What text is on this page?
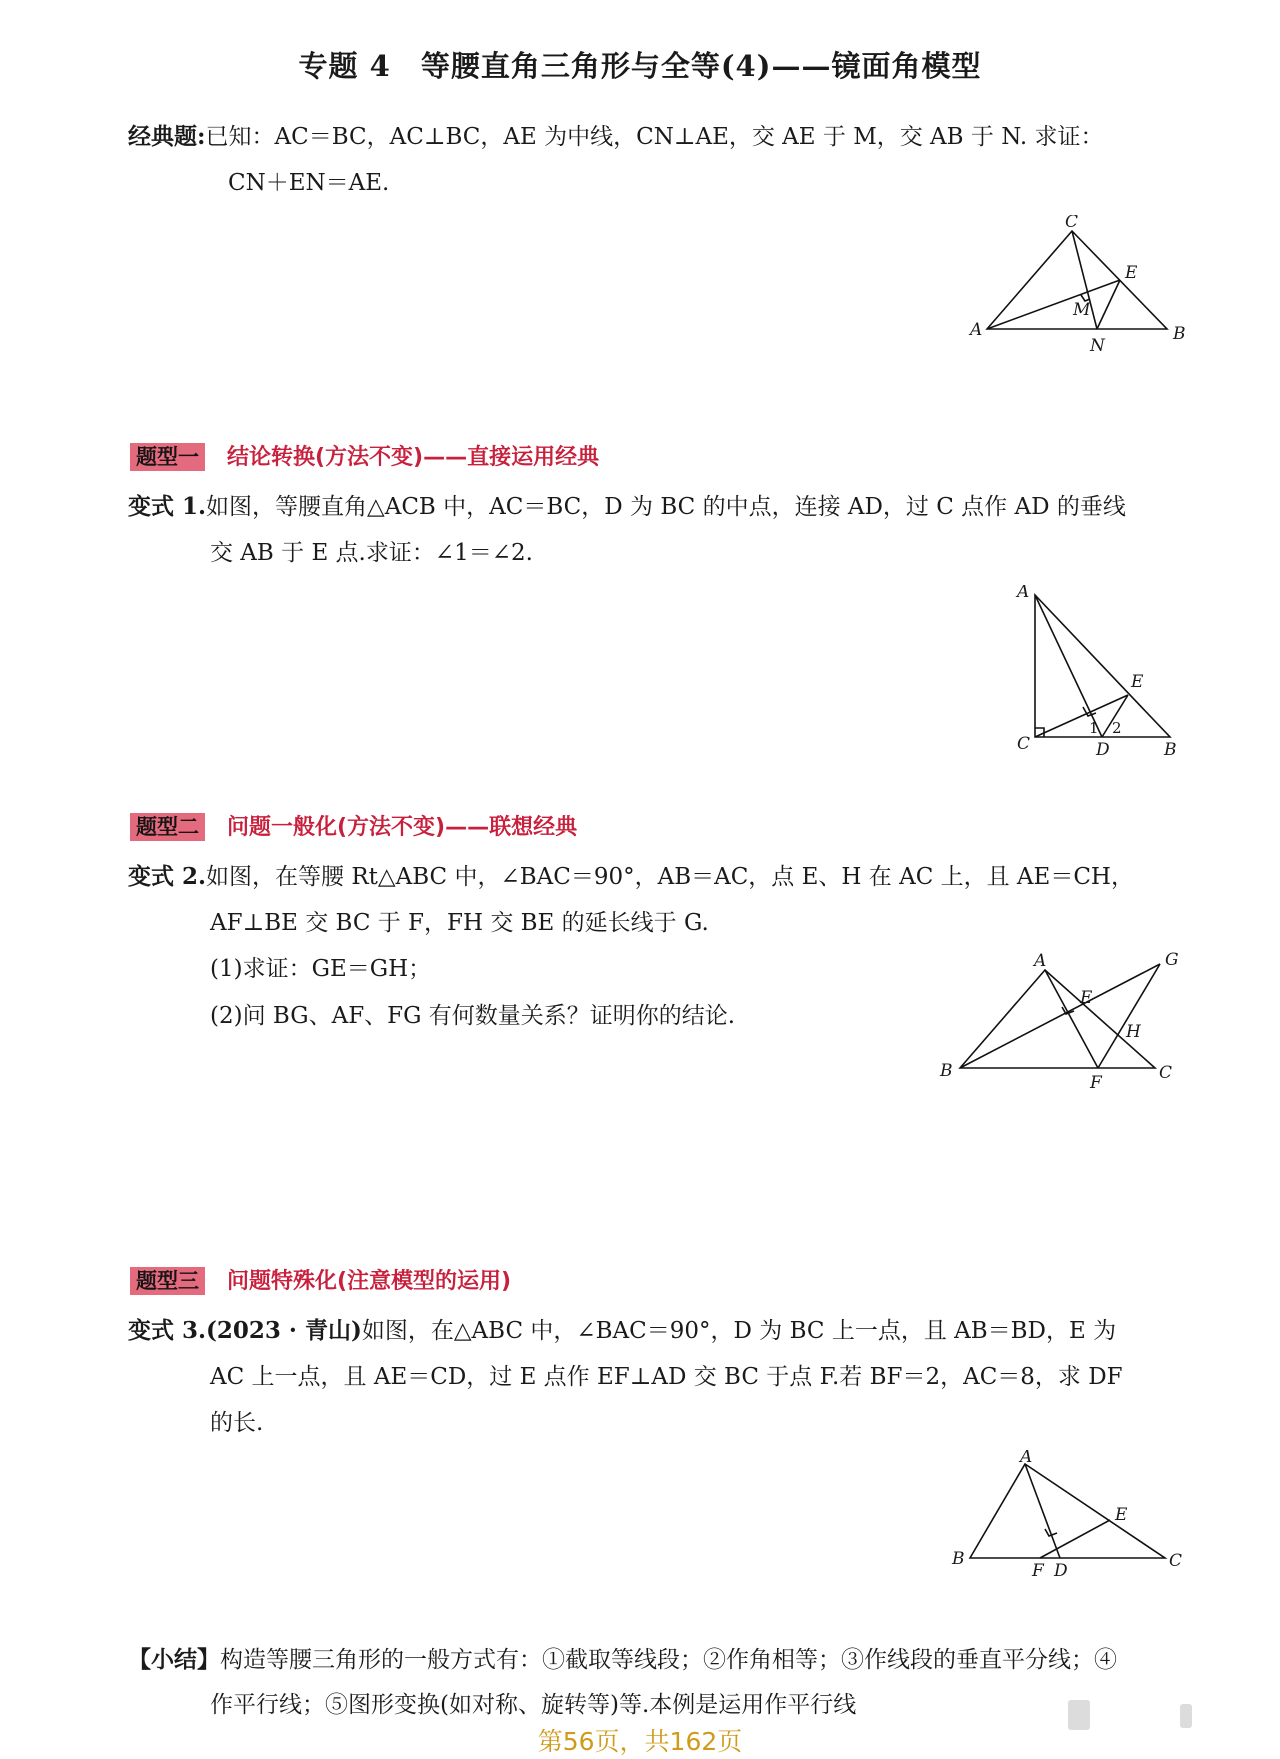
专题 4　等腰直角三角形与全等(4)——镜面角模型
经典题:已知：AC＝BC，AC⊥BC，AE 为中线，CN⊥AE，交 AE 于 M，交 AB 于 N. 求证：
CN＋EN＝AE.
C
E
M
A
N
B
题型一 结论转换(方法不变)——直接运用经典
变式 1.如图，等腰直角△ACB 中，AC＝BC，D 为 BC 的中点，连接 AD，过 C 点作 AD 的垂线
交 AB 于 E 点.求证：∠1＝∠2.
A
E
C	D	B
1 2
题型二 问题一般化(方法不变)——联想经典
变式 2.如图，在等腰 Rt△ABC 中，∠BAC＝90°，AB＝AC，点 E、H 在 AC 上，且 AE＝CH，
AF⊥BE 交 BC 于 F，FH 交 BE 的延长线于 G.
(1)求证：GE＝GH；
(2)问 BG、AF、FG 有何数量关系？证明你的结论.
A	G
E
H
B
F	C
题型三 问题特殊化(注意模型的运用)
变式 3.(2023 · 青山)如图，在△ABC 中，∠BAC＝90°，D 为 BC 上一点，且 AB＝BD，E 为
AC 上一点，且 AE＝CD，过 E 点作 EF⊥AD 交 BC 于点 F.若 BF＝2，AC＝8，求 DF
的长.
A
E
B
F D	C
【小结】构造等腰三角形的一般方式有：①截取等线段；②作角相等；③作线段的垂直平分线；④
作平行线；⑤图形变换(如对称、旋转等)等.本例是运用作平行线
第56页，共162页
